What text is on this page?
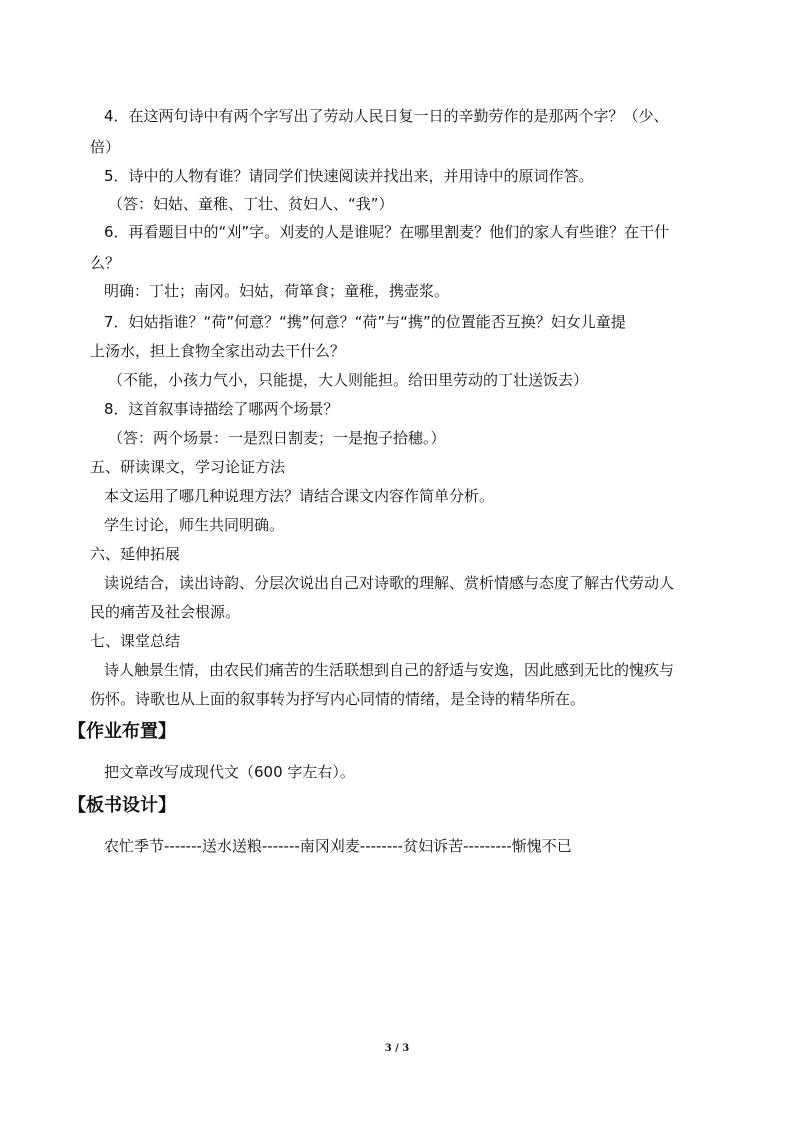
4．在这两句诗中有两个字写出了劳动人民日复一日的辛勤劳作的是那两个字？（少、
倍）
5．诗中的人物有谁？请同学们快速阅读并找出来，并用诗中的原词作答。
（答：妇姑、童稚、丁壮、贫妇人、“我”）
6．再看题目中的“刈”字。刈麦的人是谁呢？在哪里割麦？他们的家人有些谁？在干什
么？
明确：丁壮；南冈。妇姑，荷箪食；童稚，携壶浆。
7．妇姑指谁？“荷”何意？“携”何意？“荷”与“携”的位置能否互换？妇女儿童提
上汤水，担上食物全家出动去干什么？
（不能，小孩力气小，只能提，大人则能担。给田里劳动的丁壮送饭去）
8．这首叙事诗描绘了哪两个场景？
（答：两个场景：一是烈日割麦；一是抱子拾穗。）
五、研读课文，学习论证方法
本文运用了哪几种说理方法？请结合课文内容作简单分析。
学生讨论，师生共同明确。
六、延伸拓展
读说结合，读出诗韵、分层次说出自己对诗歌的理解、赏析情感与态度了解古代劳动人
民的痛苦及社会根源。
七、课堂总结
诗人触景生情，由农民们痛苦的生活联想到自己的舒适与安逸，因此感到无比的愧疚与
伤怀。诗歌也从上面的叙事转为抒写内心同情的情绪，是全诗的精华所在。
【作业布置】
把文章改写成现代文（600 字左右）。
【板书设计】
农忙季节-------送水送粮-------南冈刈麦--------贫妇诉苦---------惭愧不已
3 / 3
